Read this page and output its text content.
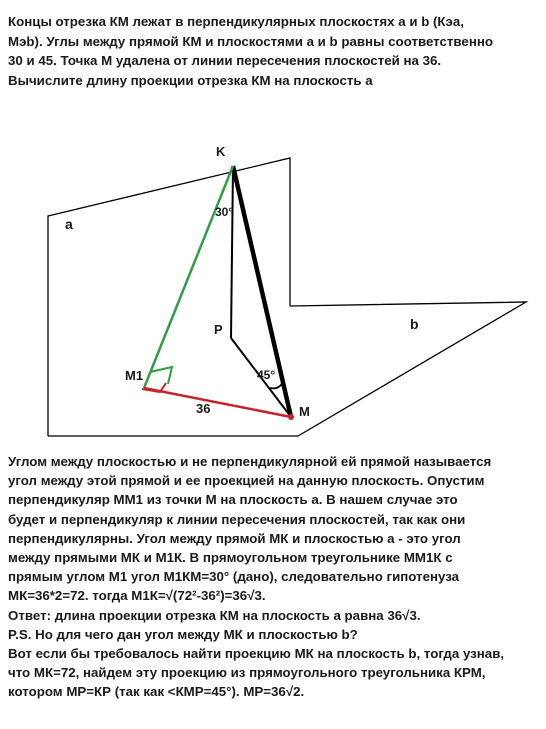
Концы отрезка КМ лежат в перпендикулярных плоскостях a и b (Кэа,

Мэb). Углы между прямой КМ и плоскостями a и b равны соответственно

30 и 45. Точка М удалена от линии пересечения плоскостей на 36.

Вычислите длину проекции отрезка КМ на плоскость a

K
a
b
P
M1
M
30°
45°
36

Углом между плоскостью и не перпендикулярной ей прямой называется

угол между этой прямой и ее проекцией на данную плоскость. Опустим

перпендикуляр ММ1 из точки М на плоскость a. В нашем случае это

будет и перпендикуляр к линии пересечения плоскостей, так как они

перпендикулярны. Угол между прямой МК и плоскостью a - это угол

между прямыми МК и М1К. В прямоугольном треугольнике ММ1К с

прямым углом М1 угол М1КМ=30° (дано), следовательно гипотенуза

МК=36*2=72. тогда М1К=√(72²-36²)=36√3.

Ответ: длина проекции отрезка КМ на плоскость a равна 36√3.

P.S. Но для чего дан угол между МК и плоскостью b?

Вот если бы требовалось найти проекцию МК на плоскость b, тогда узнав,

что МК=72, найдем эту проекцию из прямоугольного треугольника КРМ,

котором МР=КР (так как <КМР=45°). МР=36√2.
